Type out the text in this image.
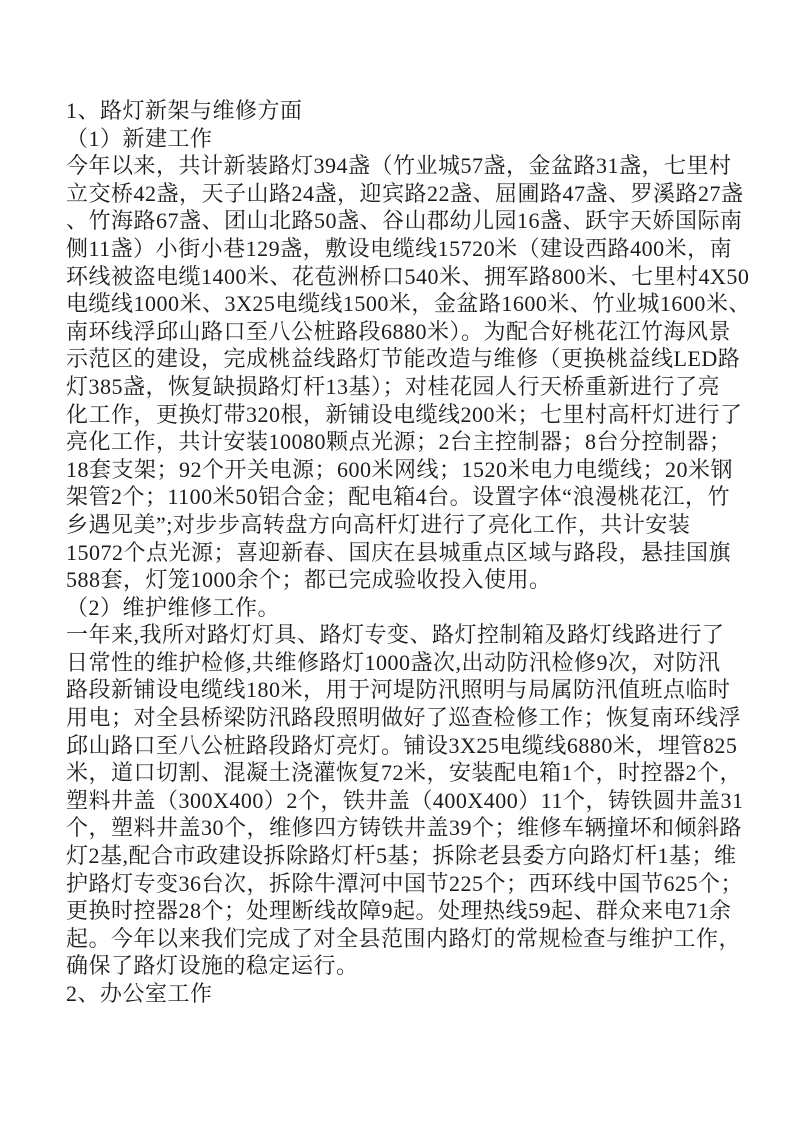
1、路灯新架与维修方面
（1）新建工作
今年以来，共计新装路灯394盏（竹业城57盏，金盆路31盏，七里村
立交桥42盏，天子山路24盏，迎宾路22盏、屈圃路47盏、罗溪路27盏
、竹海路67盏、团山北路50盏、谷山郡幼儿园16盏、跃宇天娇国际南
侧11盏）小街小巷129盏，敷设电缆线15720米（建设西路400米，南
环线被盗电缆1400米、花苞洲桥口540米、拥军路800米、七里村4X50
电缆线1000米、3X25电缆线1500米，金盆路1600米、竹业城1600米、
南环线浮邱山路口至八公桩路段6880米）。为配合好桃花江竹海风景
示范区的建设，完成桃益线路灯节能改造与维修（更换桃益线LED路
灯385盏，恢复缺损路灯杆13基）；对桂花园人行天桥重新进行了亮
化工作，更换灯带320根，新铺设电缆线200米；七里村高杆灯进行了
亮化工作，共计安装10080颗点光源；2台主控制器；8台分控制器；
18套支架；92个开关电源；600米网线；1520米电力电缆线；20米钢
架管2个；1100米50铝合金；配电箱4台。设置字体“浪漫桃花江，竹
乡遇见美”;对步步高转盘方向高杆灯进行了亮化工作，共计安装
15072个点光源；喜迎新春、国庆在县城重点区域与路段，悬挂国旗
588套，灯笼1000余个；都已完成验收投入使用。
（2）维护维修工作。
一年来,我所对路灯灯具、路灯专变、路灯控制箱及路灯线路进行了
日常性的维护检修,共维修路灯1000盏次,出动防汛检修9次，对防汛
路段新铺设电缆线180米，用于河堤防汛照明与局属防汛值班点临时
用电；对全县桥梁防汛路段照明做好了巡查检修工作；恢复南环线浮
邱山路口至八公桩路段路灯亮灯。铺设3X25电缆线6880米，埋管825
米，道口切割、混凝土浇灌恢复72米，安装配电箱1个，时控器2个，
塑料井盖（300X400）2个，铁井盖（400X400）11个，铸铁圆井盖31
个，塑料井盖30个，维修四方铸铁井盖39个；维修车辆撞坏和倾斜路
灯2基,配合市政建设拆除路灯杆5基；拆除老县委方向路灯杆1基；维
护路灯专变36台次，拆除牛潭河中国节225个；西环线中国节625个；
更换时控器28个；处理断线故障9起。处理热线59起、群众来电71余
起。今年以来我们完成了对全县范围内路灯的常规检查与维护工作，
确保了路灯设施的稳定运行。
2、办公室工作
